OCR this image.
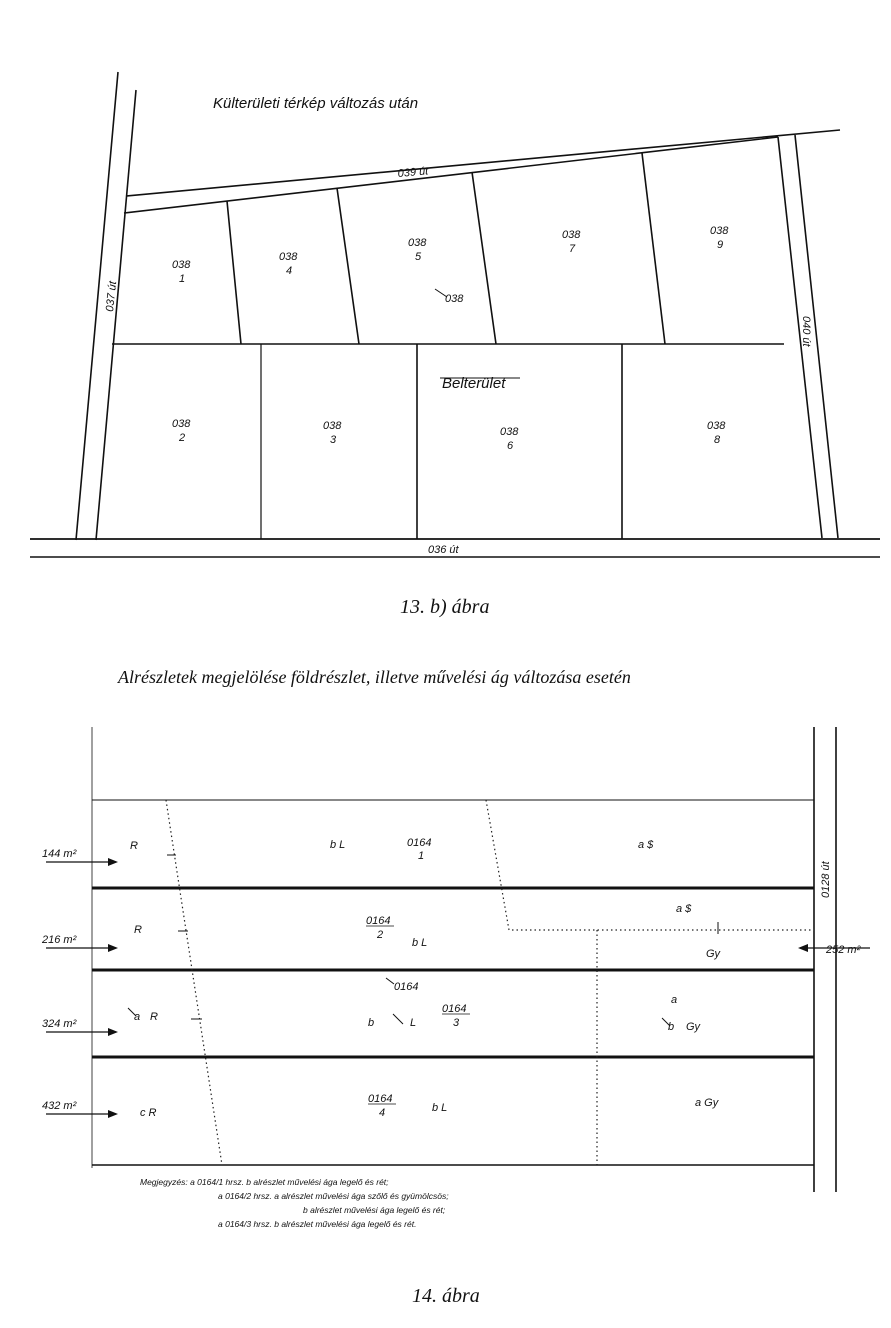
Külterületi térkép változás után
037 út
039 út
040 út
036 út
038
1
038
4
038
5
038
7
038
9
038
2
038
3
038
6
038
8
038
Belterület
13. b) ábra
Alrészletek megjelölése földrészlet, illetve művelési ág változása esetén
0128 út
144 m²
216 m²
324 m²
432 m²
252 m²
R	b L	0164
1
a $
R
0164
2
b L
a $
Gy
0164
a R	b	L
0164
3
a
b Gy
c R
0164
4	b L	a Gy
Megjegyzés: a 0164/1 hrsz. b alrészlet művelési ága legelő és rét;
a 0164/2 hrsz. a alrészlet művelési ága szőlő és gyümölcsös;
b alrészlet művelési ága legelő és rét;
a 0164/3 hrsz. b alrészlet művelési ága legelő és rét.
14. ábra
